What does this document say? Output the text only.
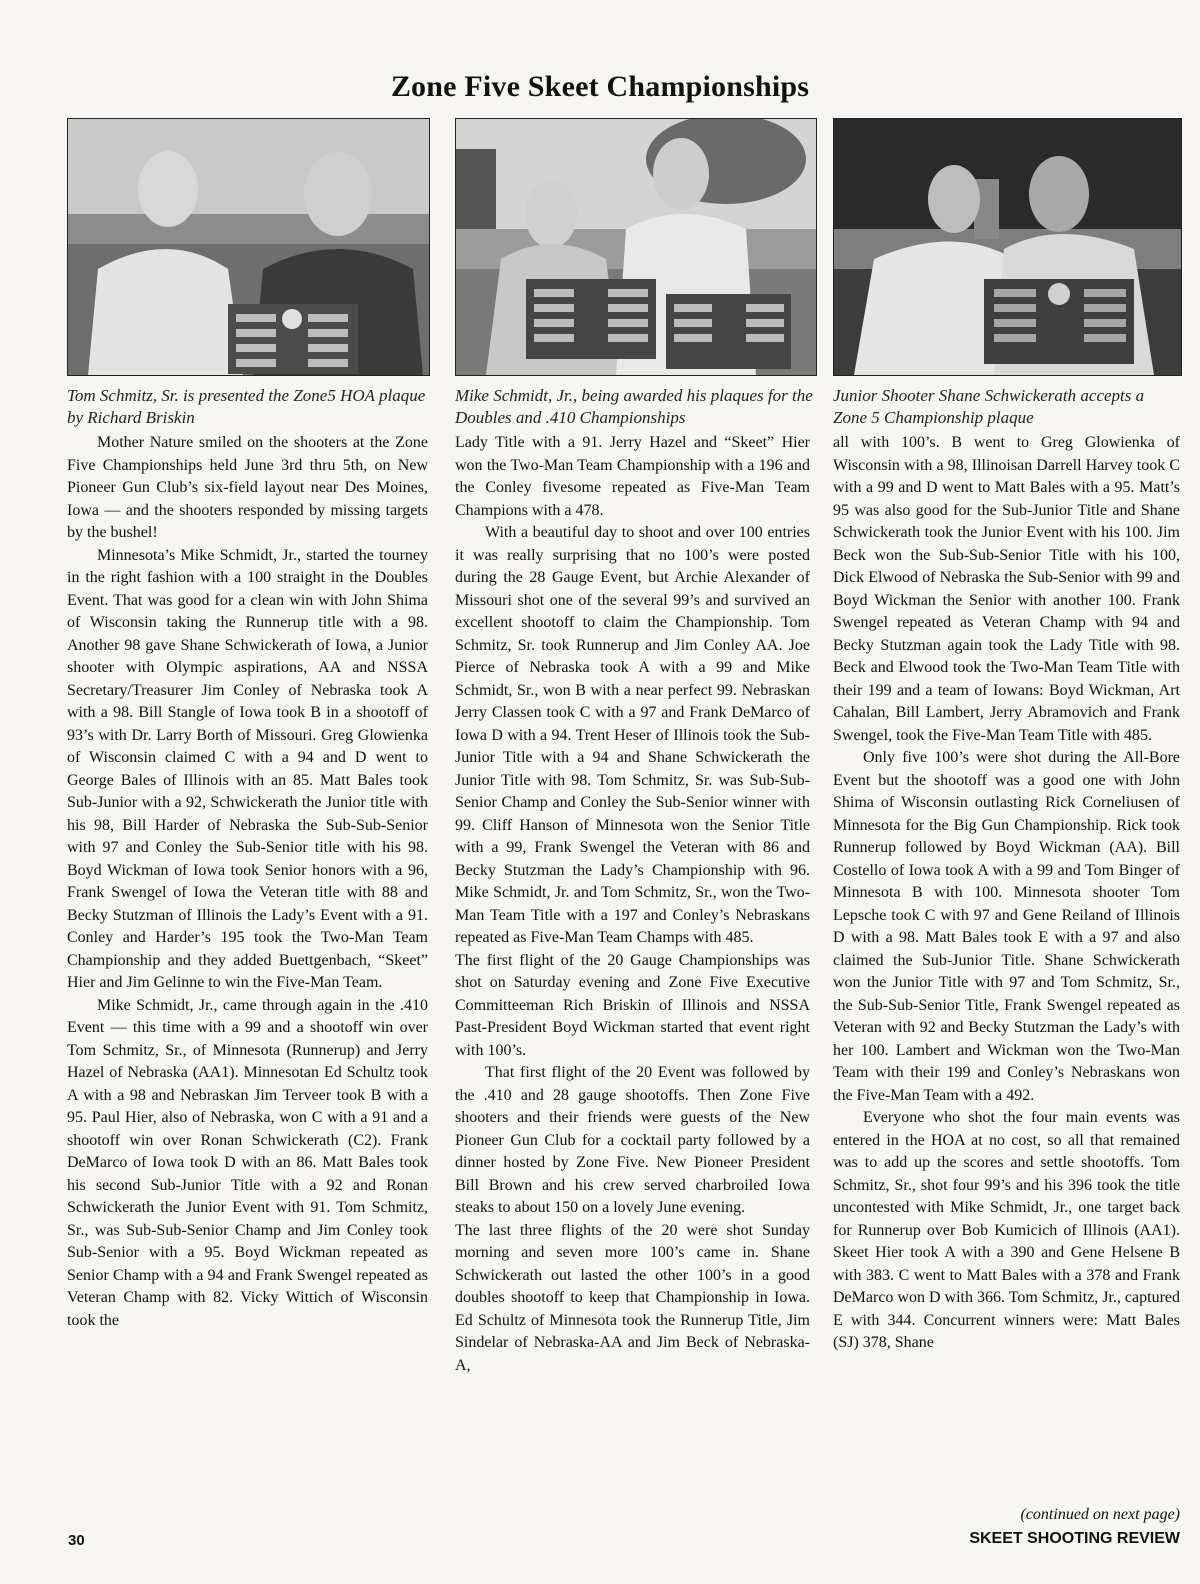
Zone Five Skeet Championships
Tom Schmitz, Sr. is presented the Zone5 HOA plaque by Richard Briskin
Mike Schmidt, Jr., being awarded his plaques for the Doubles and .410 Championships
Junior Shooter Shane Schwickerath accepts a Zone 5 Championship plaque

Mother Nature smiled on the shooters at the Zone Five Championships held June 3rd thru 5th, on New Pioneer Gun Club’s six-field layout near Des Moines, Iowa — and the shooters responded by missing targets by the bushel!

Minnesota’s Mike Schmidt, Jr., started the tourney in the right fashion with a 100 straight in the Doubles Event. That was good for a clean win with John Shima of Wisconsin taking the Runnerup title with a 98. Another 98 gave Shane Schwickerath of Iowa, a Junior shooter with Olympic aspirations, AA and NSSA Secretary/Treasurer Jim Conley of Nebraska took A with a 98. Bill Stangle of Iowa took B in a shootoff of 93’s with Dr. Larry Borth of Missouri. Greg Glowienka of Wisconsin claimed C with a 94 and D went to George Bales of Illinois with an 85. Matt Bales took Sub-Junior with a 92, Schwickerath the Junior title with his 98, Bill Harder of Nebraska the Sub-Sub-Senior with 97 and Conley the Sub-Senior title with his 98. Boyd Wickman of Iowa took Senior honors with a 96, Frank Swengel of Iowa the Veteran title with 88 and Becky Stutzman of Illinois the Lady’s Event with a 91. Conley and Harder’s 195 took the Two-Man Team Championship and they added Buettgenbach, “Skeet” Hier and Jim Gelinne to win the Five-Man Team.

Mike Schmidt, Jr., came through again in the .410 Event — this time with a 99 and a shootoff win over Tom Schmitz, Sr., of Minnesota (Runnerup) and Jerry Hazel of Nebraska (AA1). Minnesotan Ed Schultz took A with a 98 and Nebraskan Jim Terveer took B with a 95. Paul Hier, also of Nebraska, won C with a 91 and a shootoff win over Ronan Schwickerath (C2). Frank DeMarco of Iowa took D with an 86. Matt Bales took his second Sub-Junior Title with a 92 and Ronan Schwickerath the Junior Event with 91. Tom Schmitz, Sr., was Sub-Sub-Senior Champ and Jim Conley took Sub-Senior with a 95. Boyd Wickman repeated as Senior Champ with a 94 and Frank Swengel repeated as Veteran Champ with 82. Vicky Wittich of Wisconsin took the

Lady Title with a 91. Jerry Hazel and “Skeet” Hier won the Two-Man Team Championship with a 196 and the Conley fivesome repeated as Five-Man Team Champions with a 478.

With a beautiful day to shoot and over 100 entries it was really surprising that no 100’s were posted during the 28 Gauge Event, but Archie Alexander of Missouri shot one of the several 99’s and survived an excellent shootoff to claim the Championship. Tom Schmitz, Sr. took Runnerup and Jim Conley AA. Joe Pierce of Nebraska took A with a 99 and Mike Schmidt, Sr., won B with a near perfect 99. Nebraskan Jerry Classen took C with a 97 and Frank DeMarco of Iowa D with a 94. Trent Heser of Illinois took the Sub-Junior Title with a 94 and Shane Schwickerath the Junior Title with 98. Tom Schmitz, Sr. was Sub-Sub-Senior Champ and Conley the Sub-Senior winner with 99. Cliff Hanson of Minnesota won the Senior Title with a 99, Frank Swengel the Veteran with 86 and Becky Stutzman the Lady’s Championship with 96. Mike Schmidt, Jr. and Tom Schmitz, Sr., won the Two-Man Team Title with a 197 and Conley’s Nebraskans repeated as Five-Man Team Champs with 485.

The first flight of the 20 Gauge Championships was shot on Saturday evening and Zone Five Executive Committeeman Rich Briskin of Illinois and NSSA Past-President Boyd Wickman started that event right with 100’s.

That first flight of the 20 Event was followed by the .410 and 28 gauge shootoffs. Then Zone Five shooters and their friends were guests of the New Pioneer Gun Club for a cocktail party followed by a dinner hosted by Zone Five. New Pioneer President Bill Brown and his crew served charbroiled Iowa steaks to about 150 on a lovely June evening.

The last three flights of the 20 were shot Sunday morning and seven more 100’s came in. Shane Schwickerath out lasted the other 100’s in a good doubles shootoff to keep that Championship in Iowa. Ed Schultz of Minnesota took the Runnerup Title, Jim Sindelar of Nebraska-AA and Jim Beck of Nebraska-A,

all with 100’s. B went to Greg Glowienka of Wisconsin with a 98, Illinoisan Darrell Harvey took C with a 99 and D went to Matt Bales with a 95. Matt’s 95 was also good for the Sub-Junior Title and Shane Schwickerath took the Junior Event with his 100. Jim Beck won the Sub-Sub-Senior Title with his 100, Dick Elwood of Nebraska the Sub-Senior with 99 and Boyd Wickman the Senior with another 100. Frank Swengel repeated as Veteran Champ with 94 and Becky Stutzman again took the Lady Title with 98. Beck and Elwood took the Two-Man Team Title with their 199 and a team of Iowans: Boyd Wickman, Art Cahalan, Bill Lambert, Jerry Abramovich and Frank Swengel, took the Five-Man Team Title with 485.

Only five 100’s were shot during the All-Bore Event but the shootoff was a good one with John Shima of Wisconsin outlasting Rick Corneliusen of Minnesota for the Big Gun Championship. Rick took Runnerup followed by Boyd Wickman (AA). Bill Costello of Iowa took A with a 99 and Tom Binger of Minnesota B with 100. Minnesota shooter Tom Lepsche took C with 97 and Gene Reiland of Illinois D with a 98. Matt Bales took E with a 97 and also claimed the Sub-Junior Title. Shane Schwickerath won the Junior Title with 97 and Tom Schmitz, Sr., the Sub-Sub-Senior Title, Frank Swengel repeated as Veteran with 92 and Becky Stutzman the Lady’s with her 100. Lambert and Wickman won the Two-Man Team with their 199 and Conley’s Nebraskans won the Five-Man Team with a 492.

Everyone who shot the four main events was entered in the HOA at no cost, so all that remained was to add up the scores and settle shootoffs. Tom Schmitz, Sr., shot four 99’s and his 396 took the title uncontested with Mike Schmidt, Jr., one target back for Runnerup over Bob Kumicich of Illinois (AA1). Skeet Hier took A with a 390 and Gene Helsene B with 383. C went to Matt Bales with a 378 and Frank DeMarco won D with 366. Tom Schmitz, Jr., captured E with 344. Concurrent winners were: Matt Bales (SJ) 378, Shane

(continued on next page)
30	SKEET SHOOTING REVIEW
